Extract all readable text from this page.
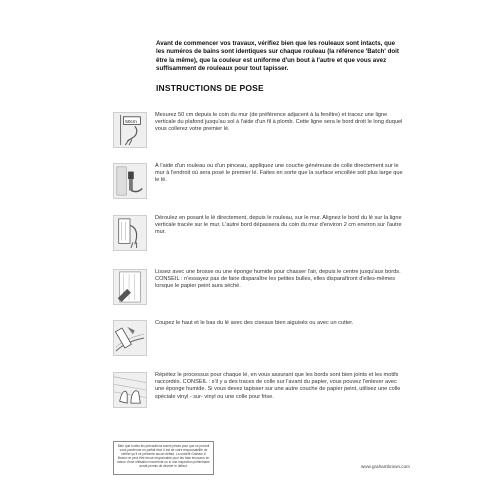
Avant de commencer vos travaux, vérifiez bien que les rouleaux sont intacts, que les numéros de bains sont identiques sur chaque rouleau (la référence 'Batch' doit être la même), que la couleur est uniforme d'un bout à l'autre et que vous avez suffisamment de rouleaux pour tout tapisser.
INSTRUCTIONS DE POSE
50cm
Mesurez 50 cm depuis le coin du mur (de préférence adjacent à la fenêtre) et tracez une ligne verticale du plafond jusqu'au sol à l'aide d'un fil à plomb. Cette ligne sera le bord droit le long duquel vous collerez votre premier lé.
À l'aide d'un rouleau ou d'un pinceau, appliquez une couche généreuse de colle directement sur le mur à l'endroit où sera posé le premier lé. Faites en sorte que la surface encollée soit plus large que le lé.
Déroulez en posant le lé directement, depuis le rouleau, sur le mur. Alignez le bord du lé sur la ligne verticale tracée sur le mur. L'autre bord dépassera du coin du mur d'environ 2 cm environ sur l'autre mur.
Lissez avec une brosse ou une éponge humide pour chasser l'air, depuis le centre jusqu'aux bords. CONSEIL : n'essayez pas de faire disparaître les petites bulles, elles disparaîtront d'elles-mêmes lorsque le papier peint aura séché.
Coupez le haut et le bas du lé avec des ciseaux bien aiguisés ou avec un cutter.
Répétez le processus pour chaque lé, en vous assurant que les bords sont bien joints et les motifs raccordés. CONSEIL : s'il y a des traces de colle sur l'avant du papier, vous pouvez l'enlever avec une éponge humide. Si vous devez tapisser sur une autre couche de papier peint, utilisez une colle spéciale vinyl - sur- vinyl ou une colle pour frise.
Bien que toutes les précautions soient prises pour que ce produit vous parvienne en parfait état, il est de votre responsabilité de vérifier qu'il ne présente aucun défaut. La société Graham & Brown ne peut être tenue responsable pour les frais encourus en raison d'une utilisation incorrecte ou si une inspection préliminaire aurait permis de déceler le défaut.	www.grahambrown.com
